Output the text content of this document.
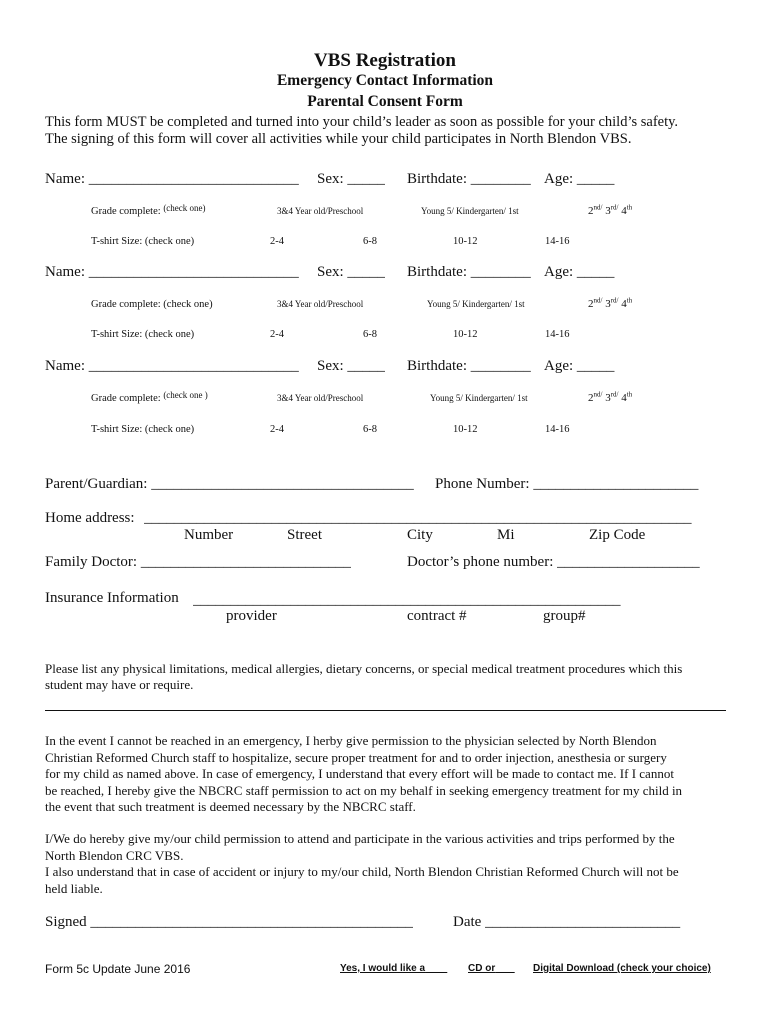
VBS Registration
Emergency Contact Information
Parental Consent Form
This form MUST be completed and turned into your child’s leader as soon as possible for your child’s safety.
The signing of this form will cover all activities while your child participates in North Blendon VBS.
Name: ____________________________ Sex: _____ Birthdate: ________ Age: _____
Grade complete: (check one)	3&4 Year old/Preschool	Young 5/ Kindergarten/ 1st	$2^{nd/}$ $3^{rd/}$ 4th
T-shirt Size: (check one)	2-4	6-8	10-12	14-16
Name: ____________________________ Sex: _____ Birthdate: ________ Age: _____
Grade complete: (check one)	3&4 Year old/Preschool	Young 5/ Kindergarten/ 1st	$2^{nd/}$ $3^{rd/}$ 4th
T-shirt Size: (check one)	2-4	6-8	10-12	14-16
Name: ____________________________ Sex: _____ Birthdate: ________ Age: _____
Grade complete: (check one )	3&4 Year old/Preschool	Young 5/ Kindergarten/ 1st	$2^{nd/}$ $3^{rd/}$ 4th
T-shirt Size: (check one)	2-4	6-8	10-12	14-16
Parent/Guardian: ___________________________________ Phone Number: ______________________
Home address: _________________________________________________________________________
Number	Street	City	Mi	Zip Code
Family Doctor: ____________________________	Doctor’s phone number: ___________________
Insurance Information _________________________________________________________
provider	contract #	group#
Please list any physical limitations, medical allergies, dietary concerns, or special medical treatment procedures which this
student may have or require.
In the event I cannot be reached in an emergency, I herby give permission to the physician selected by North Blendon
Christian Reformed Church staff to hospitalize, secure proper treatment for and to order injection, anesthesia or surgery
for my child as named above. In case of emergency, I understand that every effort will be made to contact me. If I cannot
be reached, I hereby give the NBCRC staff permission to act on my behalf in seeking emergency treatment for my child in
the event that such treatment is deemed necessary by the NBCRC staff.
I/We do hereby give my/our child permission to attend and participate in the various activities and trips performed by the
North Blendon CRC VBS.
I also understand that in case of accident or injury to my/our child, North Blendon Christian Reformed Church will not be
held liable.
Signed ___________________________________________	Date __________________________
Form 5c Update June 2016	Yes, I would like a	CD or	Digital Download (check your choice)
